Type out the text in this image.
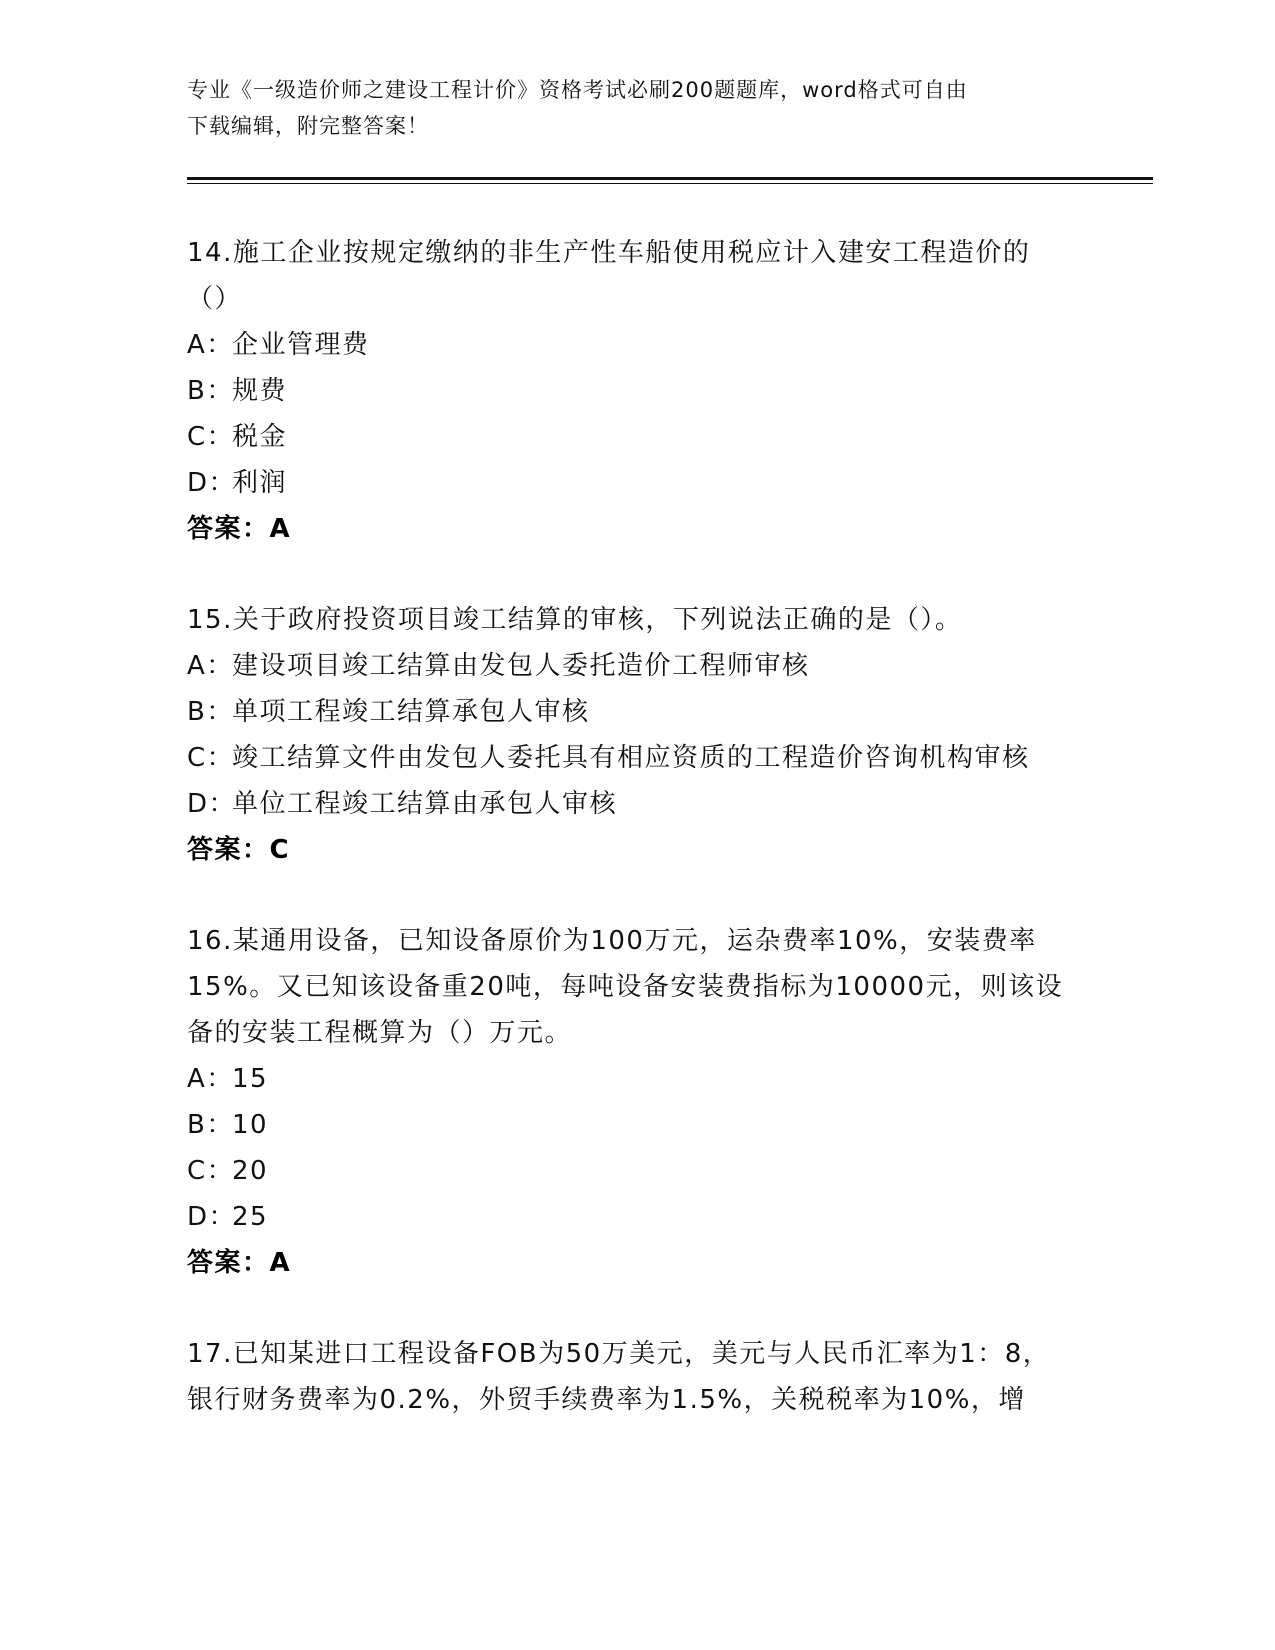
专业《一级造价师之建设工程计价》资格考试必刷200题题库，word格式可自由
下载编辑，附完整答案！

14.施工企业按规定缴纳的非生产性车船使用税应计入建安工程造价的（）

A：企业管理费

B：规费

C：税金

D：利润

答案：A

15.关于政府投资项目竣工结算的审核，下列说法正确的是（）。

A：建设项目竣工结算由发包人委托造价工程师审核

B：单项工程竣工结算承包人审核

C：竣工结算文件由发包人委托具有相应资质的工程造价咨询机构审核

D：单位工程竣工结算由承包人审核

答案：C

16.某通用设备，已知设备原价为100万元，运杂费率10%，安装费率15%。又已知该设备重20吨，每吨设备安装费指标为10000元，则该设备的安装工程概算为（）万元。

A：15

B：10

C：20

D：25

答案：A

17.已知某进口工程设备FOB为50万美元，美元与人民币汇率为1：8，银行财务费率为0.2%，外贸手续费率为1.5%，关税税率为10%，增
